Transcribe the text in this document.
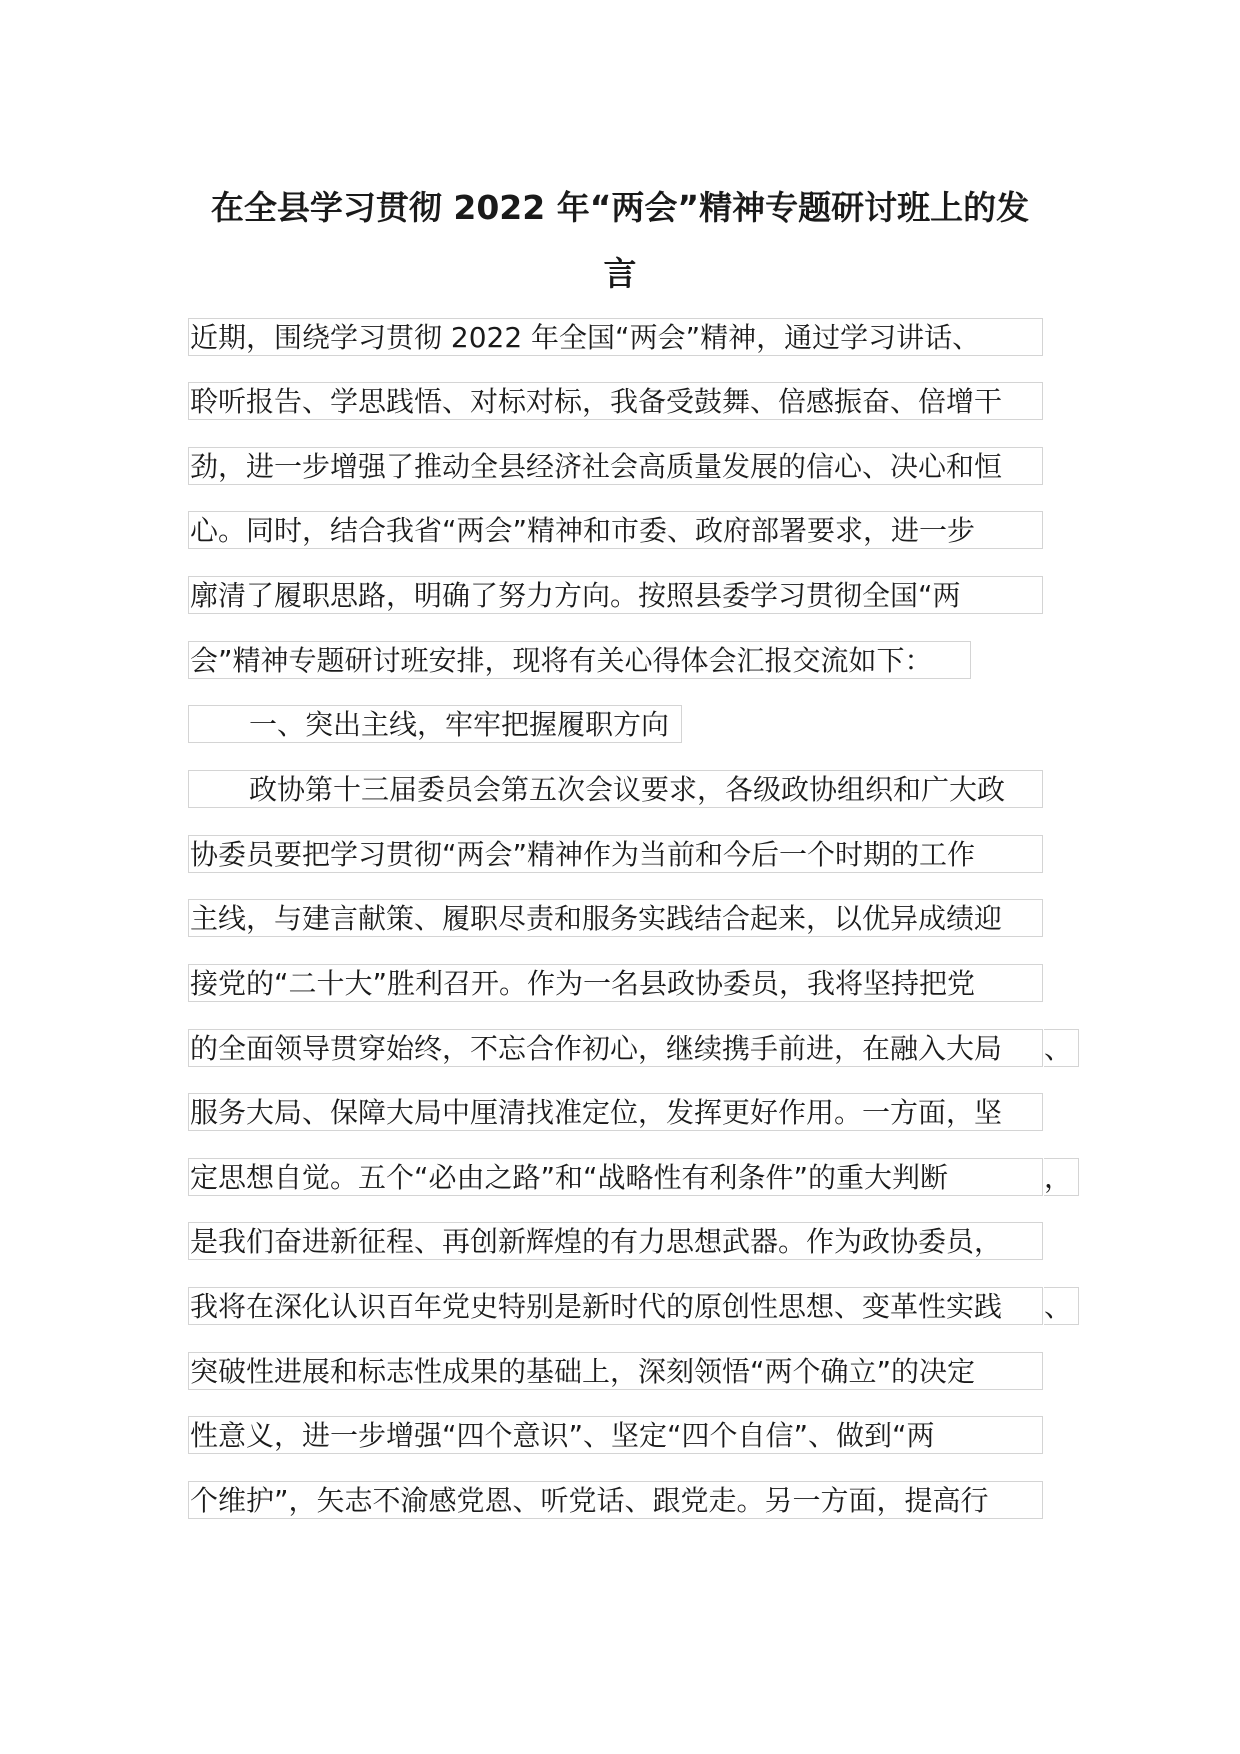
在全县学习贯彻 2022 年“两会”精神专题研讨班上的发
言
近期，围绕学习贯彻 2022 年全国“两会”精神，通过学习讲话、
聆听报告、学思践悟、对标对标，我备受鼓舞、倍感振奋、倍增干
劲，进一步增强了推动全县经济社会高质量发展的信心、决心和恒
心。同时，结合我省“两会”精神和市委、政府部署要求，进一步
廓清了履职思路，明确了努力方向。按照县委学习贯彻全国“两
会”精神专题研讨班安排，现将有关心得体会汇报交流如下：
一、突出主线，牢牢把握履职方向
政协第十三届委员会第五次会议要求，各级政协组织和广大政
协委员要把学习贯彻“两会”精神作为当前和今后一个时期的工作
主线，与建言献策、履职尽责和服务实践结合起来，以优异成绩迎
接党的“二十大”胜利召开。作为一名县政协委员，我将坚持把党
的全面领导贯穿始终，不忘合作初心，继续携手前进，在融入大局	、
服务大局、保障大局中厘清找准定位，发挥更好作用。一方面，坚
定思想自觉。五个“必由之路”和“战略性有利条件”的重大判断	，
是我们奋进新征程、再创新辉煌的有力思想武器。作为政协委员，
我将在深化认识百年党史特别是新时代的原创性思想、变革性实践	、
突破性进展和标志性成果的基础上，深刻领悟“两个确立”的决定
性意义，进一步增强“四个意识”、坚定“四个自信”、做到“两
个维护”，矢志不渝感党恩、听党话、跟党走。另一方面，提高行
